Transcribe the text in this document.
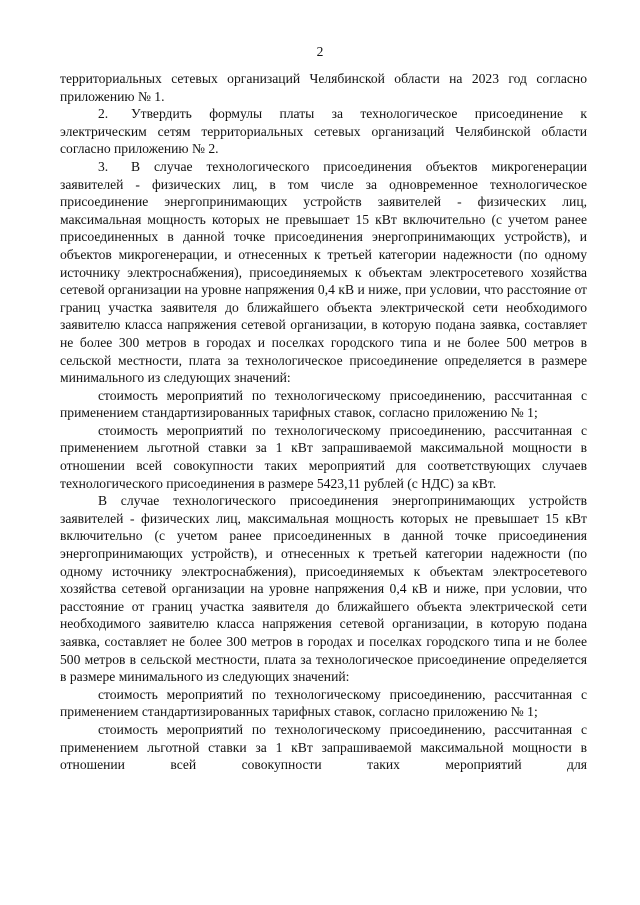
2

территориальных сетевых организаций Челябинской области на 2023 год согласно приложению № 1.

2. Утвердить формулы платы за технологическое присоединение к электрическим сетям территориальных сетевых организаций Челябинской области согласно приложению № 2.

3. В случае технологического присоединения объектов микрогенерации заявителей - физических лиц, в том числе за одновременное технологическое присоединение энергопринимающих устройств заявителей - физических лиц, максимальная мощность которых не превышает 15 кВт включительно (с учетом ранее присоединенных в данной точке присоединения энергопринимающих устройств), и объектов микрогенерации, и отнесенных к третьей категории надежности (по одному источнику электроснабжения), присоединяемых к объектам электросетевого хозяйства сетевой организации на уровне напряжения 0,4 кВ и ниже, при условии, что расстояние от границ участка заявителя до ближайшего объекта электрической сети необходимого заявителю класса напряжения сетевой организации, в которую подана заявка, составляет не более 300 метров в городах и поселках городского типа и не более 500 метров в сельской местности, плата за технологическое присоединение определяется в размере минимального из следующих значений:

стоимость мероприятий по технологическому присоединению, рассчитанная с применением стандартизированных тарифных ставок, согласно приложению № 1;

стоимость мероприятий по технологическому присоединению, рассчитанная с применением льготной ставки за 1 кВт запрашиваемой максимальной мощности в отношении всей совокупности таких мероприятий для соответствующих случаев технологического присоединения в размере 5423,11 рублей (с НДС) за кВт.

В случае технологического присоединения энергопринимающих устройств заявителей - физических лиц, максимальная мощность которых не превышает 15 кВт включительно (с учетом ранее присоединенных в данной точке присоединения энергопринимающих устройств), и отнесенных к третьей категории надежности (по одному источнику электроснабжения), присоединяемых к объектам электросетевого хозяйства сетевой организации на уровне напряжения 0,4 кВ и ниже, при условии, что расстояние от границ участка заявителя до ближайшего объекта электрической сети необходимого заявителю класса напряжения сетевой организации, в которую подана заявка, составляет не более 300 метров в городах и поселках городского типа и не более 500 метров в сельской местности, плата за технологическое присоединение определяется в размере минимального из следующих значений:

стоимость мероприятий по технологическому присоединению, рассчитанная с применением стандартизированных тарифных ставок, согласно приложению № 1;

стоимость мероприятий по технологическому присоединению, рассчитанная с применением льготной ставки за 1 кВт запрашиваемой максимальной мощности в отношении всей совокупности таких мероприятий для
